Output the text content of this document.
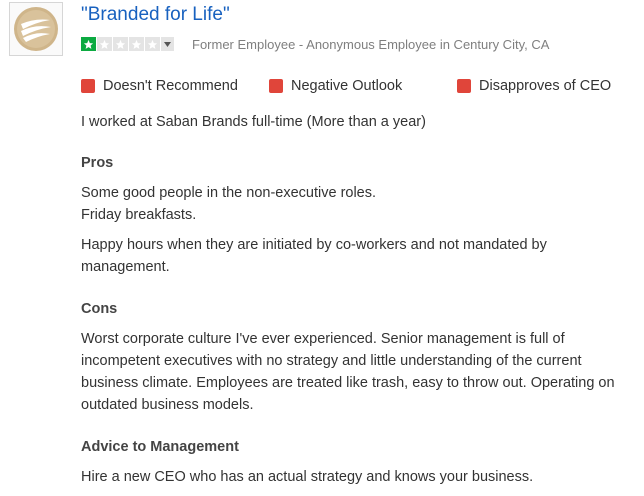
"Branded for Life"
Former Employee - Anonymous Employee in Century City, CA
Doesn't Recommend	Negative Outlook	Disapproves of CEO
I worked at Saban Brands full-time (More than a year)
Pros
Some good people in the non-executive roles.
Friday breakfasts.
Happy hours when they are initiated by co-workers and not mandated by
management.
Cons
Worst corporate culture I've ever experienced. Senior management is full of
incompetent executives with no strategy and little understanding of the current
business climate. Employees are treated like trash, easy to throw out. Operating on
outdated business models.
Advice to Management
Hire a new CEO who has an actual strategy and knows your business.
